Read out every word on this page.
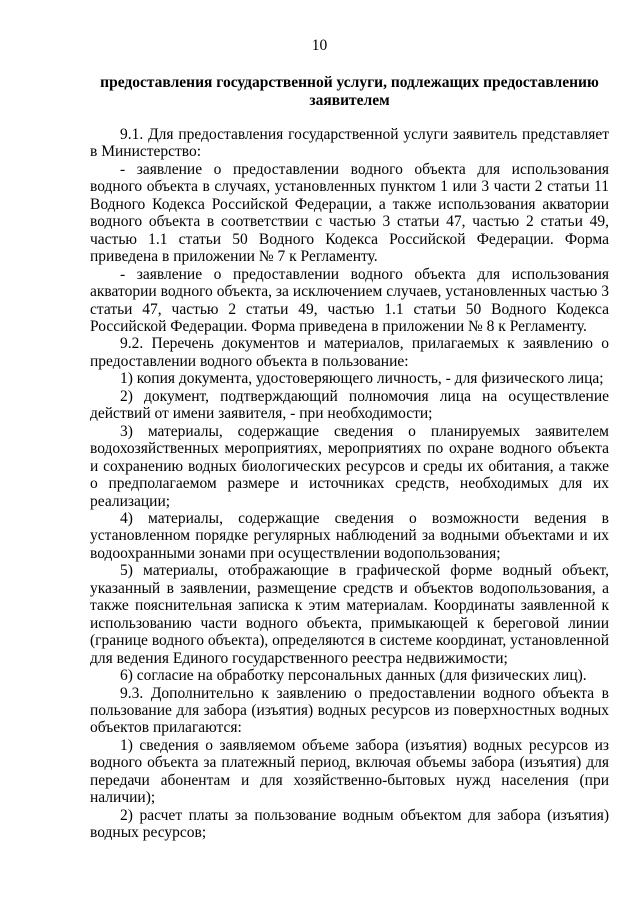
10
предоставления государственной услуги, подлежащих предоставлению заявителем

9.1. Для предоставления государственной услуги заявитель представляет в Министерство:

- заявление о предоставлении водного объекта для использования водного объекта в случаях, установленных пунктом 1 или 3 части 2 статьи 11 Водного Кодекса Российской Федерации, а также использования акватории водного объекта в соответствии с частью 3 статьи 47, частью 2 статьи 49, частью 1.1 статьи 50 Водного Кодекса Российской Федерации. Форма приведена в приложении № 7 к Регламенту.

- заявление о предоставлении водного объекта для использования акватории водного объекта, за исключением случаев, установленных частью 3 статьи 47, частью 2 статьи 49, частью 1.1 статьи 50 Водного Кодекса Российской Федерации. Форма приведена в приложении № 8 к Регламенту.

9.2. Перечень документов и материалов, прилагаемых к заявлению о предоставлении водного объекта в пользование:

1) копия документа, удостоверяющего личность, - для физического лица;

2) документ, подтверждающий полномочия лица на осуществление действий от имени заявителя, - при необходимости;

3) материалы, содержащие сведения о планируемых заявителем водохозяйственных мероприятиях, мероприятиях по охране водного объекта и сохранению водных биологических ресурсов и среды их обитания, а также о предполагаемом размере и источниках средств, необходимых для их реализации;

4) материалы, содержащие сведения о возможности ведения в установленном порядке регулярных наблюдений за водными объектами и их водоохранными зонами при осуществлении водопользования;

5) материалы, отображающие в графической форме водный объект, указанный в заявлении, размещение средств и объектов водопользования, а также пояснительная записка к этим материалам. Координаты заявленной к использованию части водного объекта, примыкающей к береговой линии (границе водного объекта), определяются в системе координат, установленной для ведения Единого государственного реестра недвижимости;

6) согласие на обработку персональных данных (для физических лиц).

9.3. Дополнительно к заявлению о предоставлении водного объекта в пользование для забора (изъятия) водных ресурсов из поверхностных водных объектов прилагаются:

1) сведения о заявляемом объеме забора (изъятия) водных ресурсов из водного объекта за платежный период, включая объемы забора (изъятия) для передачи абонентам и для хозяйственно-бытовых нужд населения (при наличии);

2) расчет платы за пользование водным объектом для забора (изъятия) водных ресурсов;
